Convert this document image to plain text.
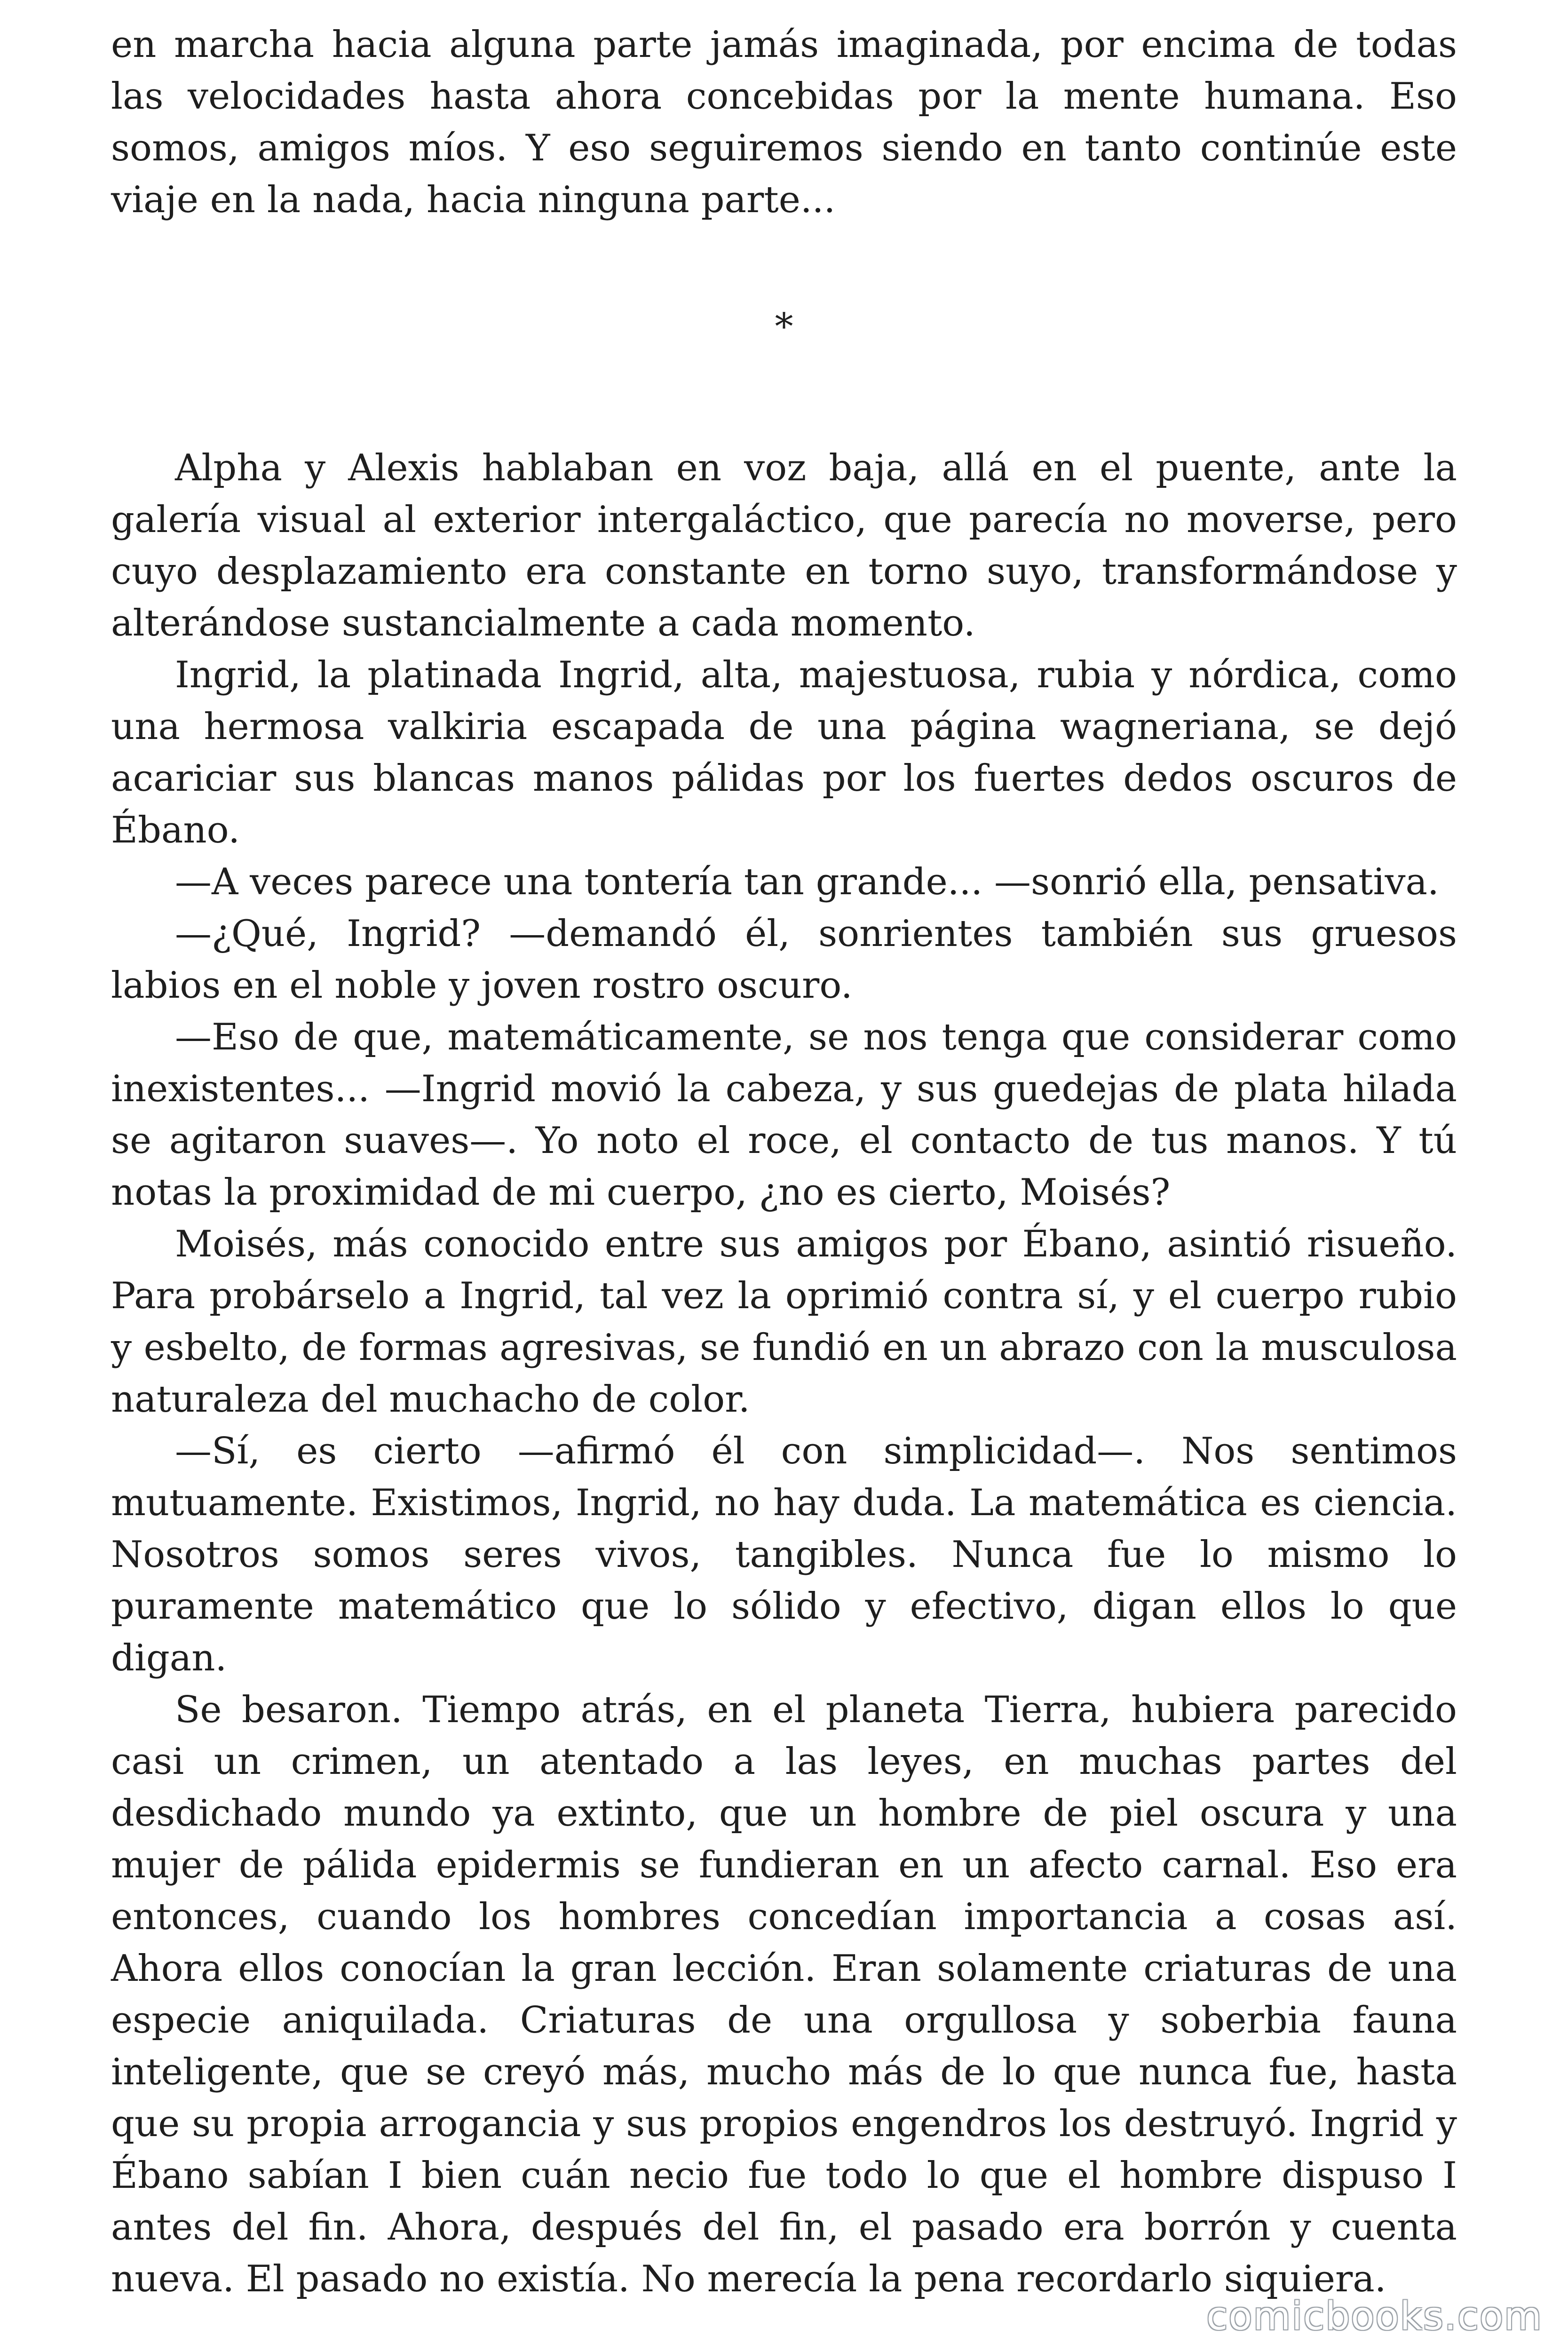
en marcha hacia alguna parte jamás imaginada, por encima de todas las velocidades hasta ahora concebidas por la mente humana. Eso somos, amigos míos. Y eso seguiremos siendo en tanto continúe este viaje en la nada, hacia ninguna parte...

*

Alpha y Alexis hablaban en voz baja, allá en el puente, ante la galería visual al exterior intergaláctico, que parecía no moverse, pero cuyo desplazamiento era constante en torno suyo, transformándose y alterándose sustancialmente a cada momento.

Ingrid, la platinada Ingrid, alta, majestuosa, rubia y nórdica, como una hermosa valkiria escapada de una página wagneriana, se dejó acariciar sus blancas manos pálidas por los fuertes dedos oscuros de Ébano.

—A veces parece una tontería tan grande... —sonrió ella, pensativa.

—¿Qué, Ingrid? —demandó él, sonrientes también sus gruesos labios en el noble y joven rostro oscuro.

—Eso de que, matemáticamente, se nos tenga que considerar como inexistentes... —Ingrid movió la cabeza, y sus guedejas de plata hilada se agitaron suaves—. Yo noto el roce, el contacto de tus manos. Y tú notas la proximidad de mi cuerpo, ¿no es cierto, Moisés?

Moisés, más conocido entre sus amigos por Ébano, asintió risueño. Para probárselo a Ingrid, tal vez la oprimió contra sí, y el cuerpo rubio y esbelto, de formas agresivas, se fundió en un abrazo con la musculosa naturaleza del muchacho de color.

—Sí, es cierto —afirmó él con simplicidad—. Nos sentimos mutuamente. Existimos, Ingrid, no hay duda. La matemática es ciencia. Nosotros somos seres vivos, tangibles. Nunca fue lo mismo lo puramente matemático que lo sólido y efectivo, digan ellos lo que digan.

Se besaron. Tiempo atrás, en el planeta Tierra, hubiera parecido casi un crimen, un atentado a las leyes, en muchas partes del desdichado mundo ya extinto, que un hombre de piel oscura y una mujer de pálida epidermis se fundieran en un afecto carnal. Eso era entonces, cuando los hombres concedían importancia a cosas así. Ahora ellos conocían la gran lección. Eran solamente criaturas de una especie aniquilada. Criaturas de una orgullosa y soberbia fauna inteligente, que se creyó más, mucho más de lo que nunca fue, hasta que su propia arrogancia y sus propios engendros los destruyó. Ingrid y Ébano sabían I bien cuán necio fue todo lo que el hombre dispuso I antes del fin. Ahora, después del fin, el pasado era borrón y cuenta nueva. El pasado no existía. No merecía la pena recordarlo siquiera.

comicbooks.com
